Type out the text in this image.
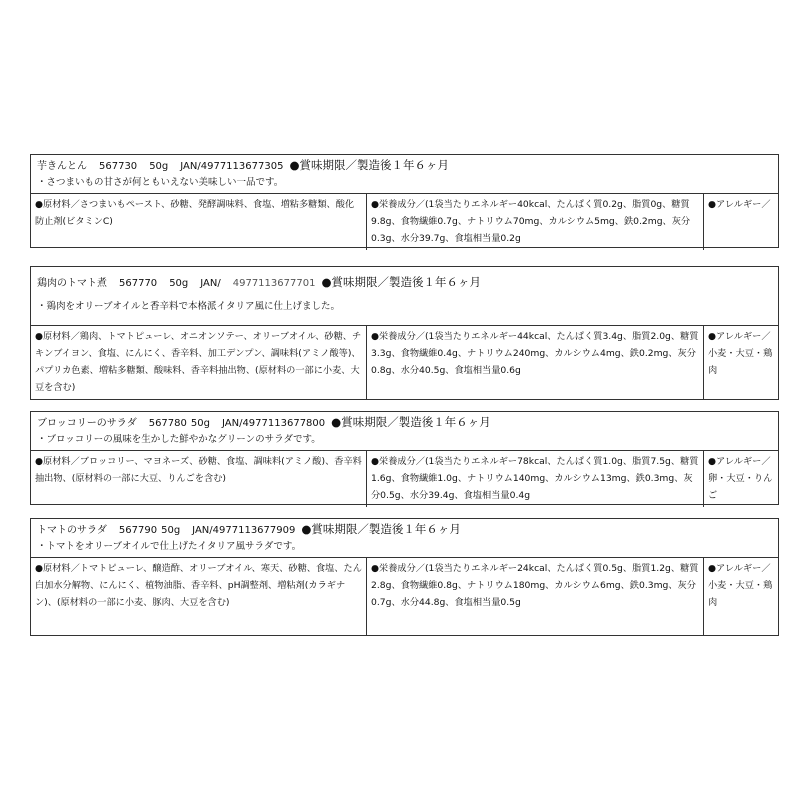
芋きんとん 567730 50g JAN/4977113677305 ●賞味期限／製造後１年６ヶ月
・さつまいもの甘さが何ともいえない美味しい一品です。
●原材料／さつまいもペースト、砂糖、発酵調味料、食塩、増粘多糖類、酸化防止剤(ビタミンC)
●栄養成分／(1袋当たりエネルギー40kcal、たんぱく質0.2g、脂質0g、糖質9.8g、食物繊維0.7g、ナトリウム70mg、カルシウム5mg、鉄0.2mg、灰分0.3g、水分39.7g、食塩相当量0.2g
●アレルギー／
鶏肉のトマト煮 567770 50g JAN/ 4977113677701 ●賞味期限／製造後１年６ヶ月
・鶏肉をオリーブオイルと香辛料で本格派イタリア風に仕上げました。
●原材料／鶏肉、トマトピューレ、オニオンソテー、オリーブオイル、砂糖、チキンブイヨン、食塩、にんにく、香辛料、加工デンプン、調味料(アミノ酸等)、パプリカ色素、増粘多糖類、酸味料、香辛料抽出物、(原材料の一部に小麦、大豆を含む)
●栄養成分／(1袋当たりエネルギー44kcal、たんぱく質3.4g、脂質2.0g、糖質3.3g、食物繊維0.4g、ナトリウム240mg、カルシウム4mg、鉄0.2mg、灰分0.8g、水分40.5g、食塩相当量0.6g
●アレルギー／小麦・大豆・鶏肉
ブロッコリーのサラダ 567780 50g JAN/4977113677800 ●賞味期限／製造後１年６ヶ月
・ブロッコリーの風味を生かした鮮やかなグリーンのサラダです。
●原材料／ブロッコリー、マヨネーズ、砂糖、食塩、調味料(アミノ酸)、香辛料抽出物、(原材料の一部に大豆、りんごを含む)
●栄養成分／(1袋当たりエネルギー78kcal、たんぱく質1.0g、脂質7.5g、糖質1.6g、食物繊維1.0g、ナトリウム140mg、カルシウム13mg、鉄0.3mg、灰分0.5g、水分39.4g、食塩相当量0.4g
●アレルギー／卵・大豆・りんご
トマトのサラダ 567790 50g JAN/4977113677909 ●賞味期限／製造後１年６ヶ月
・トマトをオリーブオイルで仕上げたイタリア風サラダです。
●原材料／トマトピューレ、醸造酢、オリーブオイル、寒天、砂糖、食塩、たん白加水分解物、にんにく、植物油脂、香辛料、pH調整剤、増粘剤(カラギナン)、(原材料の一部に小麦、豚肉、大豆を含む)
●栄養成分／(1袋当たりエネルギー24kcal、たんぱく質0.5g、脂質1.2g、糖質2.8g、食物繊維0.8g、ナトリウム180mg、カルシウム6mg、鉄0.3mg、灰分0.7g、水分44.8g、食塩相当量0.5g
●アレルギー／小麦・大豆・鶏肉
